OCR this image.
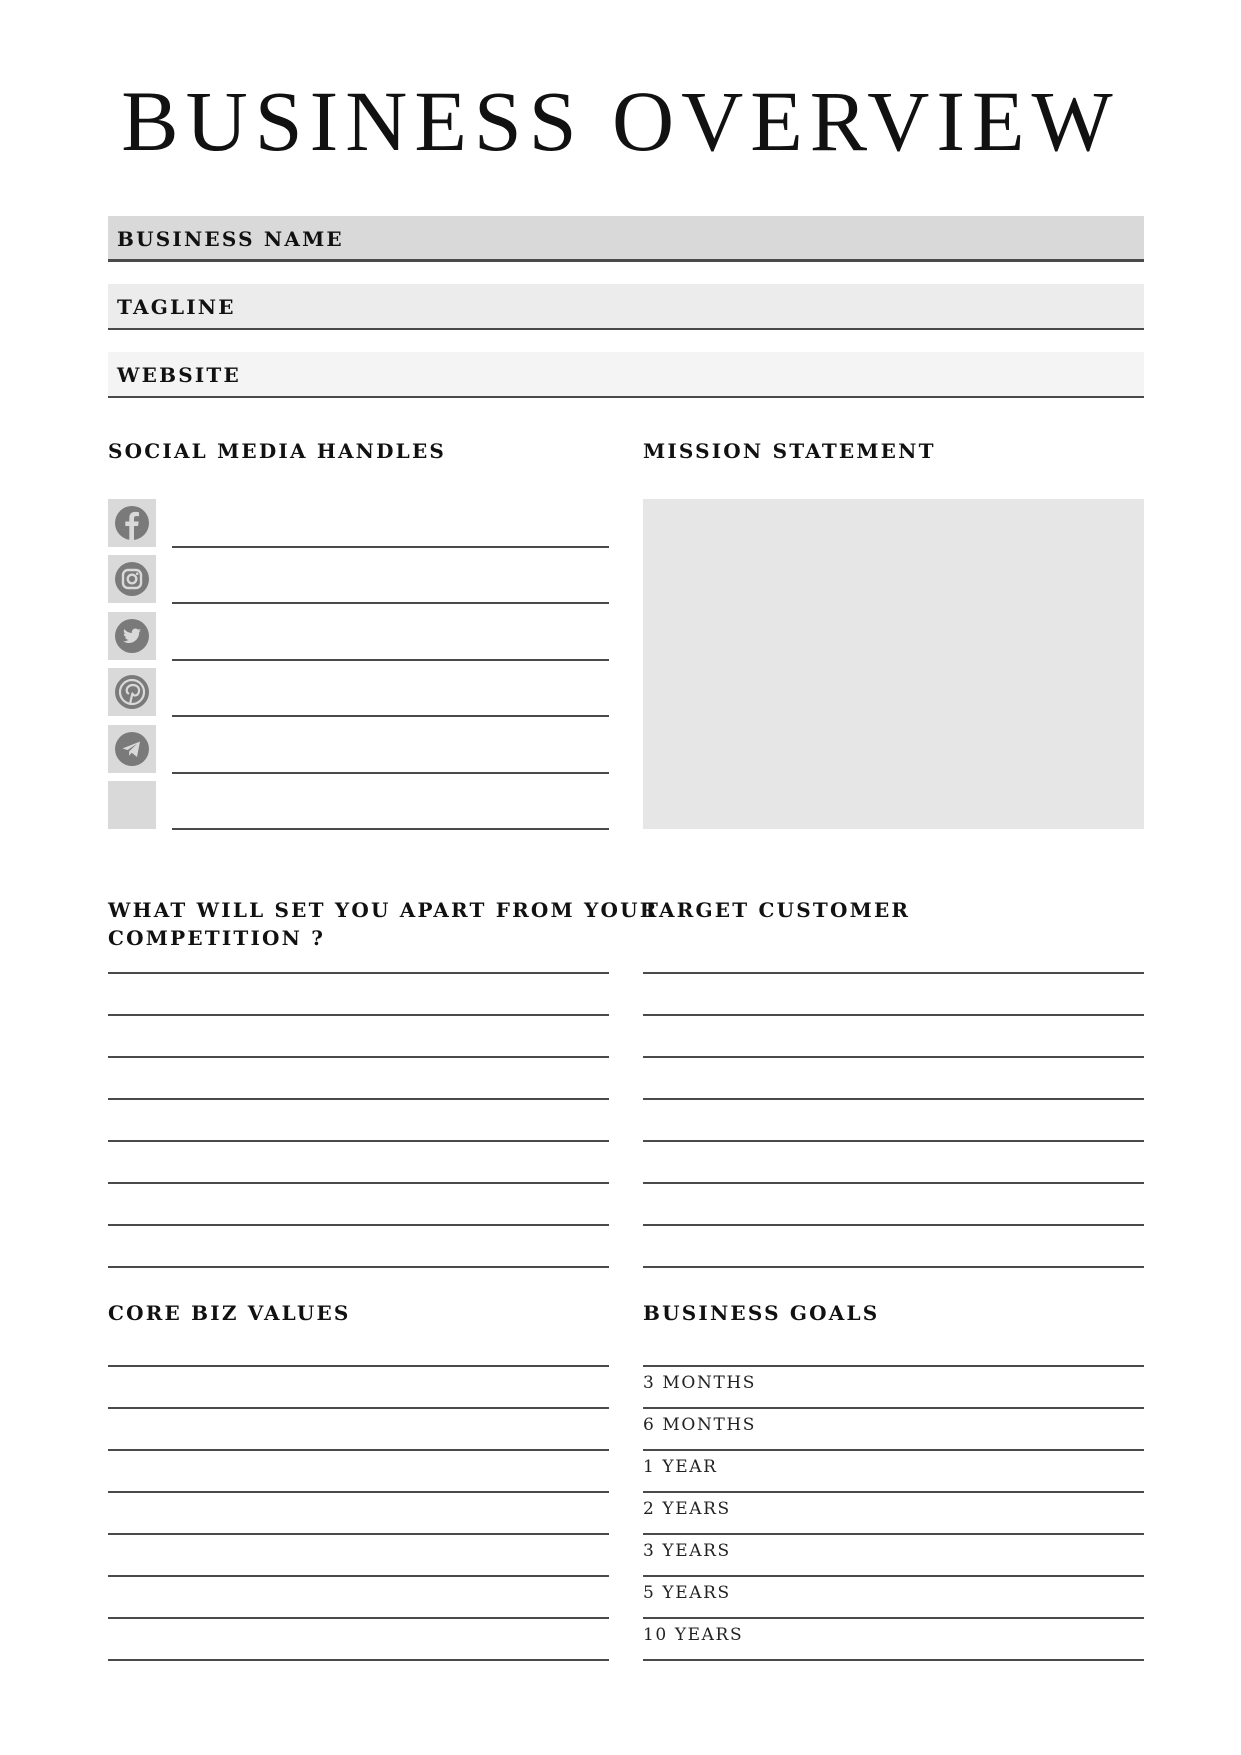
BUSINESS OVERVIEW
BUSINESS NAME
TAGLINE
WEBSITE
SOCIAL MEDIA HANDLES	MISSION STATEMENT
WHAT WILL SET YOU APART FROM YOUR
COMPETITION ?
TARGET CUSTOMER
CORE BIZ VALUES	BUSINESS GOALS
3 MONTHS
6 MONTHS
1 YEAR
2 YEARS
3 YEARS
5 YEARS
10 YEARS
